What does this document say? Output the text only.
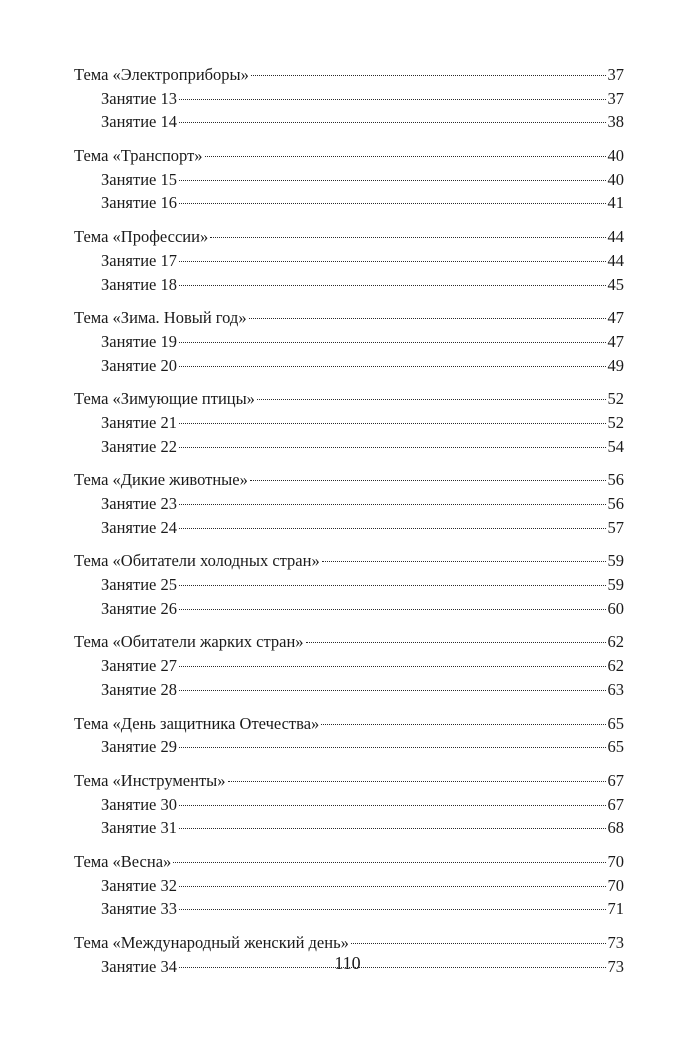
Тема «Электроприборы»	37
Занятие 13	37
Занятие 14	38
Тема «Транспорт»	40
Занятие 15	40
Занятие 16	41
Тема «Профессии»	44
Занятие 17	44
Занятие 18	45
Тема «Зима. Новый год»	47
Занятие 19	47
Занятие 20	49
Тема «Зимующие птицы»	52
Занятие 21	52
Занятие 22	54
Тема «Дикие животные»	56
Занятие 23	56
Занятие 24	57
Тема «Обитатели холодных стран»	59
Занятие 25	59
Занятие 26	60
Тема «Обитатели жарких стран»	62
Занятие 27	62
Занятие 28	63
Тема «День защитника Отечества»	65
Занятие 29	65
Тема «Инструменты»	67
Занятие 30	67
Занятие 31	68
Тема «Весна»	70
Занятие 32	70
Занятие 33	71
Тема «Международный женский день»	73
Занятие 34	73
110
